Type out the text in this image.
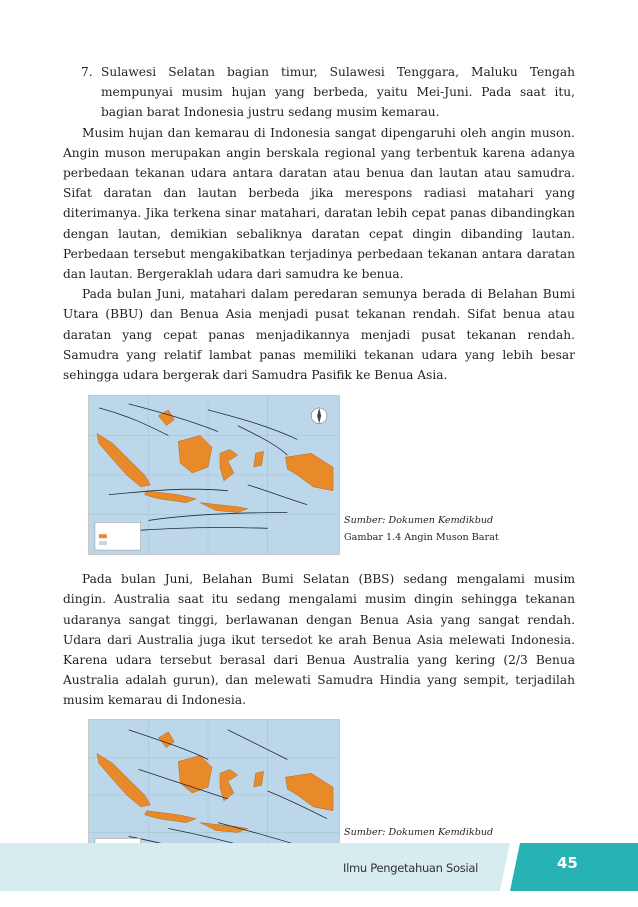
7. Sulawesi Selatan bagian timur, Sulawesi Tenggara, Maluku Tengah mempunyai musim hujan yang berbeda, yaitu Mei-Juni. Pada saat itu, bagian barat Indonesia justru sedang musim kemarau.

Musim hujan dan kemarau di Indonesia sangat dipengaruhi oleh angin muson. Angin muson merupakan angin berskala regional yang terbentuk karena adanya perbedaan tekanan udara antara daratan atau benua dan lautan atau samudra. Sifat daratan dan lautan berbeda jika merespons radiasi matahari yang diterimanya. Jika terkena sinar matahari, daratan lebih cepat panas dibandingkan dengan lautan, demikian sebaliknya daratan cepat dingin dibanding lautan. Perbedaan tersebut mengakibatkan terjadinya perbedaan tekanan antara daratan dan lautan. Bergeraklah udara dari samudra ke benua.

Pada bulan Juni, matahari dalam peredaran semunya berada di Belahan Bumi Utara (BBU) dan Benua Asia menjadi pusat tekanan rendah. Sifat benua atau daratan yang cepat panas menjadikannya menjadi pusat tekanan rendah. Samudra yang relatif lambat panas memiliki tekanan udara yang lebih besar sehingga udara bergerak dari Samudra Pasifik ke Benua Asia.

Sumber: Dokumen Kemdikbud
Gambar 1.4 Angin Muson Barat

Pada bulan Juni, Belahan Bumi Selatan (BBS) sedang mengalami musim dingin. Australia saat itu sedang mengalami musim dingin sehingga tekanan udaranya sangat tinggi, berlawanan dengan Benua Asia yang sangat rendah. Udara dari Australia juga ikut tersedot ke arah Benua Asia melewati Indonesia. Karena udara tersebut berasal dari Benua Australia yang kering (2/3 Benua Australia adalah gurun), dan melewati Samudra Hindia yang sempit, terjadilah musim kemarau di Indonesia.

Sumber: Dokumen Kemdikbud
Ilmu Pengetahuan Sosial	45
